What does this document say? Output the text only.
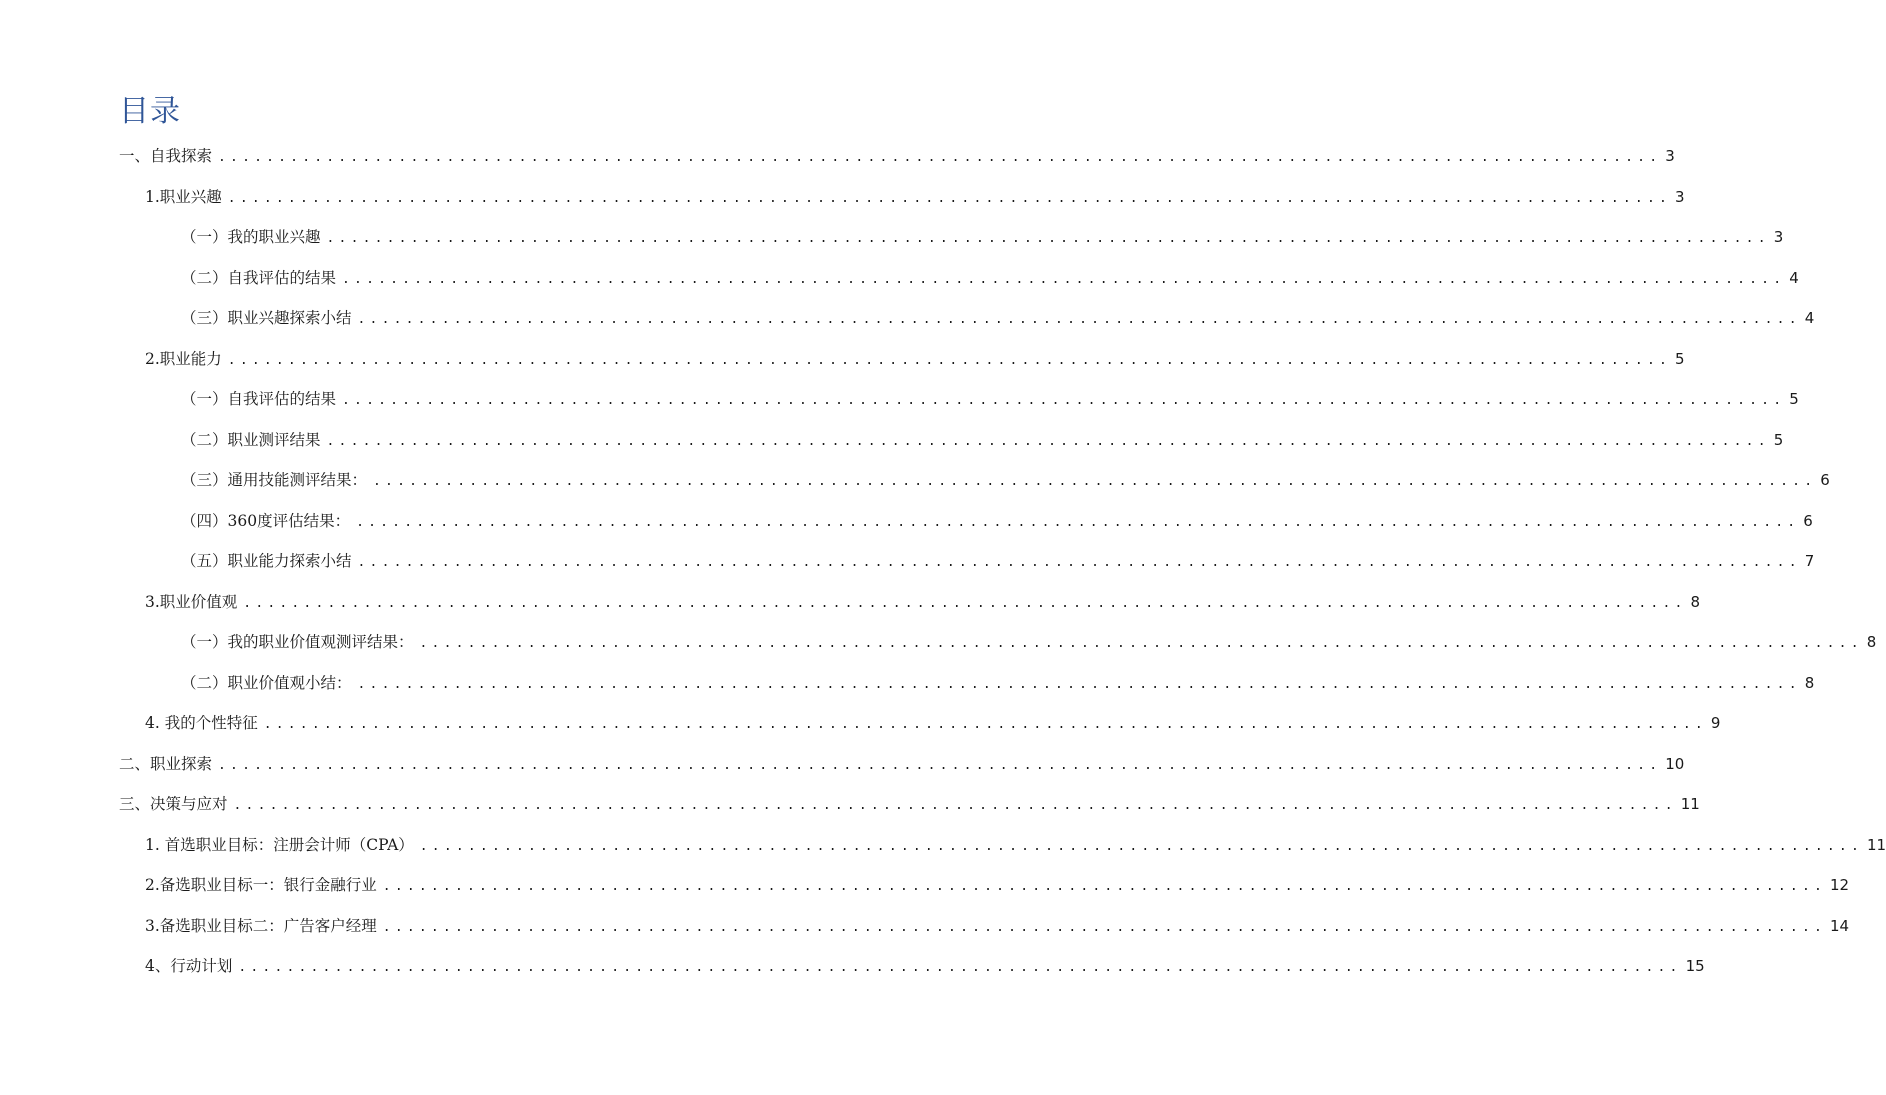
目录
一、自我探索 ........................................................................................................................ 3
1.职业兴趣 ........................................................................................................................ 3
（一）我的职业兴趣 ........................................................................................................................ 3
（二）自我评估的结果 ........................................................................................................................ 4
（三）职业兴趣探索小结 ........................................................................................................................ 4
2.职业能力 ........................................................................................................................ 5
（一）自我评估的结果 ........................................................................................................................ 5
（二）职业测评结果 ........................................................................................................................ 5
（三）通用技能测评结果： ........................................................................................................................ 6
（四）360度评估结果： ........................................................................................................................ 6
（五）职业能力探索小结 ........................................................................................................................ 7
3.职业价值观 ........................................................................................................................ 8
（一）我的职业价值观测评结果： ........................................................................................................................ 8
（二）职业价值观小结： ........................................................................................................................ 8
4. 我的个性特征 ........................................................................................................................ 9
二、职业探索 ........................................................................................................................ 10
三、决策与应对 ........................................................................................................................ 11
1. 首选职业目标：注册会计师（CPA） ........................................................................................................................ 11
2.备选职业目标一：银行金融行业 ........................................................................................................................ 12
3.备选职业目标二：广告客户经理 ........................................................................................................................ 14
4、行动计划 ........................................................................................................................ 15
